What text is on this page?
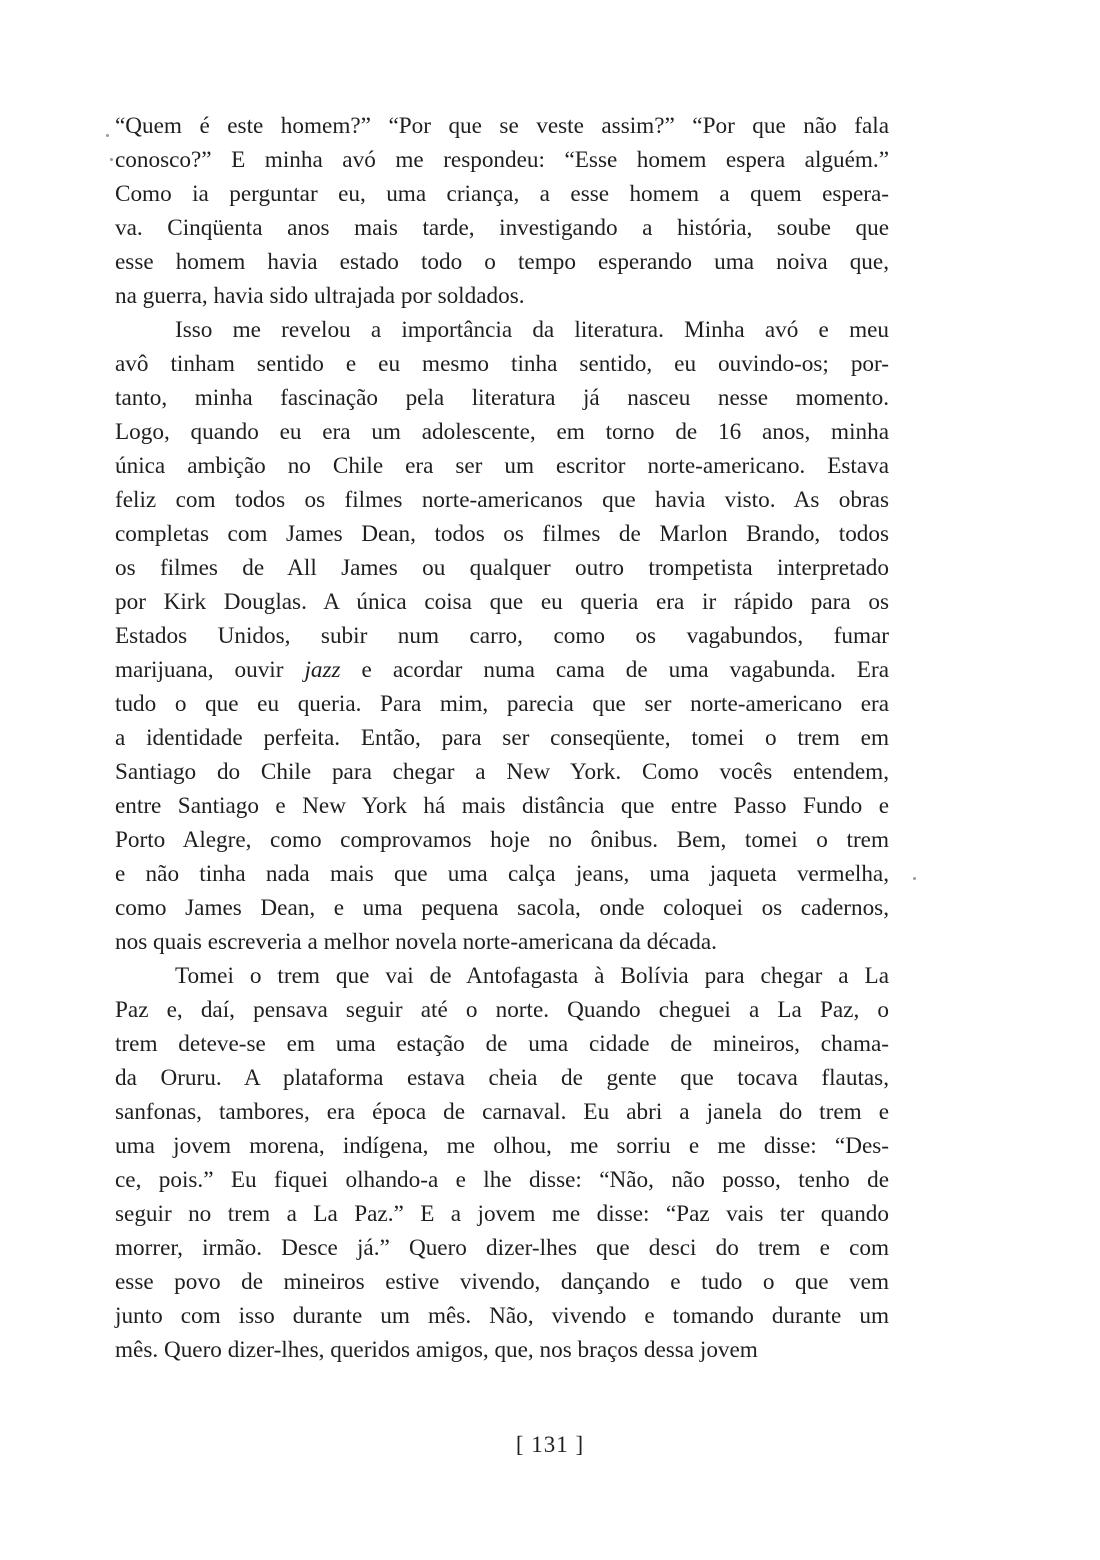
“Quem é este homem?” “Por que se veste assim?” “Por que não fala
conosco?” E minha avó me respondeu: “Esse homem espera alguém.”
Como ia perguntar eu, uma criança, a esse homem a quem espera-
va. Cinqüenta anos mais tarde, investigando a história, soube que
esse homem havia estado todo o tempo esperando uma noiva que,
na guerra, havia sido ultrajada por soldados.

Isso me revelou a importância da literatura. Minha avó e meu
avô tinham sentido e eu mesmo tinha sentido, eu ouvindo-os; por-
tanto, minha fascinação pela literatura já nasceu nesse momento.
Logo, quando eu era um adolescente, em torno de 16 anos, minha
única ambição no Chile era ser um escritor norte-americano. Estava
feliz com todos os filmes norte-americanos que havia visto. As obras
completas com James Dean, todos os filmes de Marlon Brando, todos
os filmes de All James ou qualquer outro trompetista interpretado
por Kirk Douglas. A única coisa que eu queria era ir rápido para os
Estados Unidos, subir num carro, como os vagabundos, fumar
marijuana, ouvir jazz e acordar numa cama de uma vagabunda. Era
tudo o que eu queria. Para mim, parecia que ser norte-americano era
a identidade perfeita. Então, para ser conseqüente, tomei o trem em
Santiago do Chile para chegar a New York. Como vocês entendem,
entre Santiago e New York há mais distância que entre Passo Fundo e
Porto Alegre, como comprovamos hoje no ônibus. Bem, tomei o trem
e não tinha nada mais que uma calça jeans, uma jaqueta vermelha,
como James Dean, e uma pequena sacola, onde coloquei os cadernos,
nos quais escreveria a melhor novela norte-americana da década.

Tomei o trem que vai de Antofagasta à Bolívia para chegar a La
Paz e, daí, pensava seguir até o norte. Quando cheguei a La Paz, o
trem deteve-se em uma estação de uma cidade de mineiros, chama-
da Oruru. A plataforma estava cheia de gente que tocava flautas,
sanfonas, tambores, era época de carnaval. Eu abri a janela do trem e
uma jovem morena, indígena, me olhou, me sorriu e me disse: “Des-
ce, pois.” Eu fiquei olhando-a e lhe disse: “Não, não posso, tenho de
seguir no trem a La Paz.” E a jovem me disse: “Paz vais ter quando
morrer, irmão. Desce já.” Quero dizer-lhes que desci do trem e com
esse povo de mineiros estive vivendo, dançando e tudo o que vem
junto com isso durante um mês. Não, vivendo e tomando durante um
mês. Quero dizer-lhes, queridos amigos, que, nos braços dessa jovem

[ 131 ]
